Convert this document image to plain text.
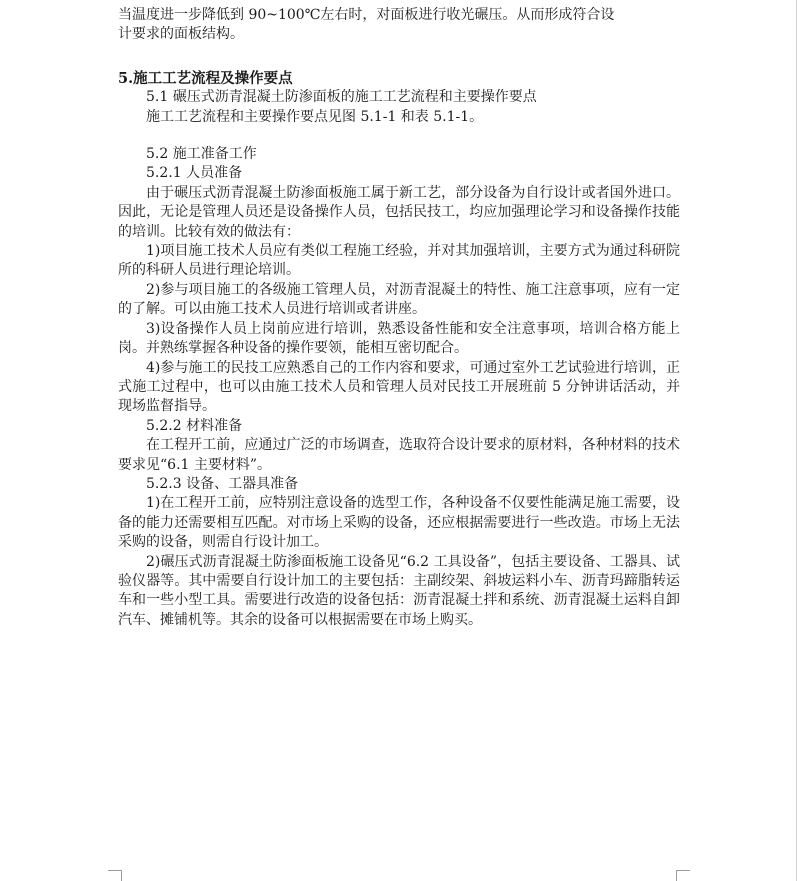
当温度进一步降低到 90~100℃左右时，对面板进行收光碾压。从而形成符合设

计要求的面板结构。

5.施工工艺流程及操作要点

5.1 碾压式沥青混凝土防渗面板的施工工艺流程和主要操作要点

施工工艺流程和主要操作要点见图 5.1-1 和表 5.1-1。

5.2 施工准备工作

5.2.1 人员准备

由于碾压式沥青混凝土防渗面板施工属于新工艺，部分设备为自行设计或者国外进口。因此，无论是管理人员还是设备操作人员，包括民技工，均应加强理论学习和设备操作技能的培训。比较有效的做法有：

1)项目施工技术人员应有类似工程施工经验，并对其加强培训，主要方式为通过科研院所的科研人员进行理论培训。

2)参与项目施工的各级施工管理人员，对沥青混凝土的特性、施工注意事项，应有一定的了解。可以由施工技术人员进行培训或者讲座。

3)设备操作人员上岗前应进行培训，熟悉设备性能和安全注意事项，培训合格方能上岗。并熟练掌握各种设备的操作要领，能相互密切配合。

4)参与施工的民技工应熟悉自己的工作内容和要求，可通过室外工艺试验进行培训，正式施工过程中，也可以由施工技术人员和管理人员对民技工开展班前 5 分钟讲话活动，并现场监督指导。

5.2.2 材料准备

在工程开工前，应通过广泛的市场调查，选取符合设计要求的原材料，各种材料的技术要求见“6.1 主要材料”。

5.2.3 设备、工器具准备

1)在工程开工前，应特别注意设备的选型工作，各种设备不仅要性能满足施工需要，设备的能力还需要相互匹配。对市场上采购的设备，还应根据需要进行一些改造。市场上无法采购的设备，则需自行设计加工。

2)碾压式沥青混凝土防渗面板施工设备见“6.2 工具设备”，包括主要设备、工器具、试验仪器等。其中需要自行设计加工的主要包括：主副绞架、斜坡运料小车、沥青玛蹄脂转运车和一些小型工具。需要进行改造的设备包括：沥青混凝土拌和系统、沥青混凝土运料自卸汽车、摊铺机等。其余的设备可以根据需要在市场上购买。
